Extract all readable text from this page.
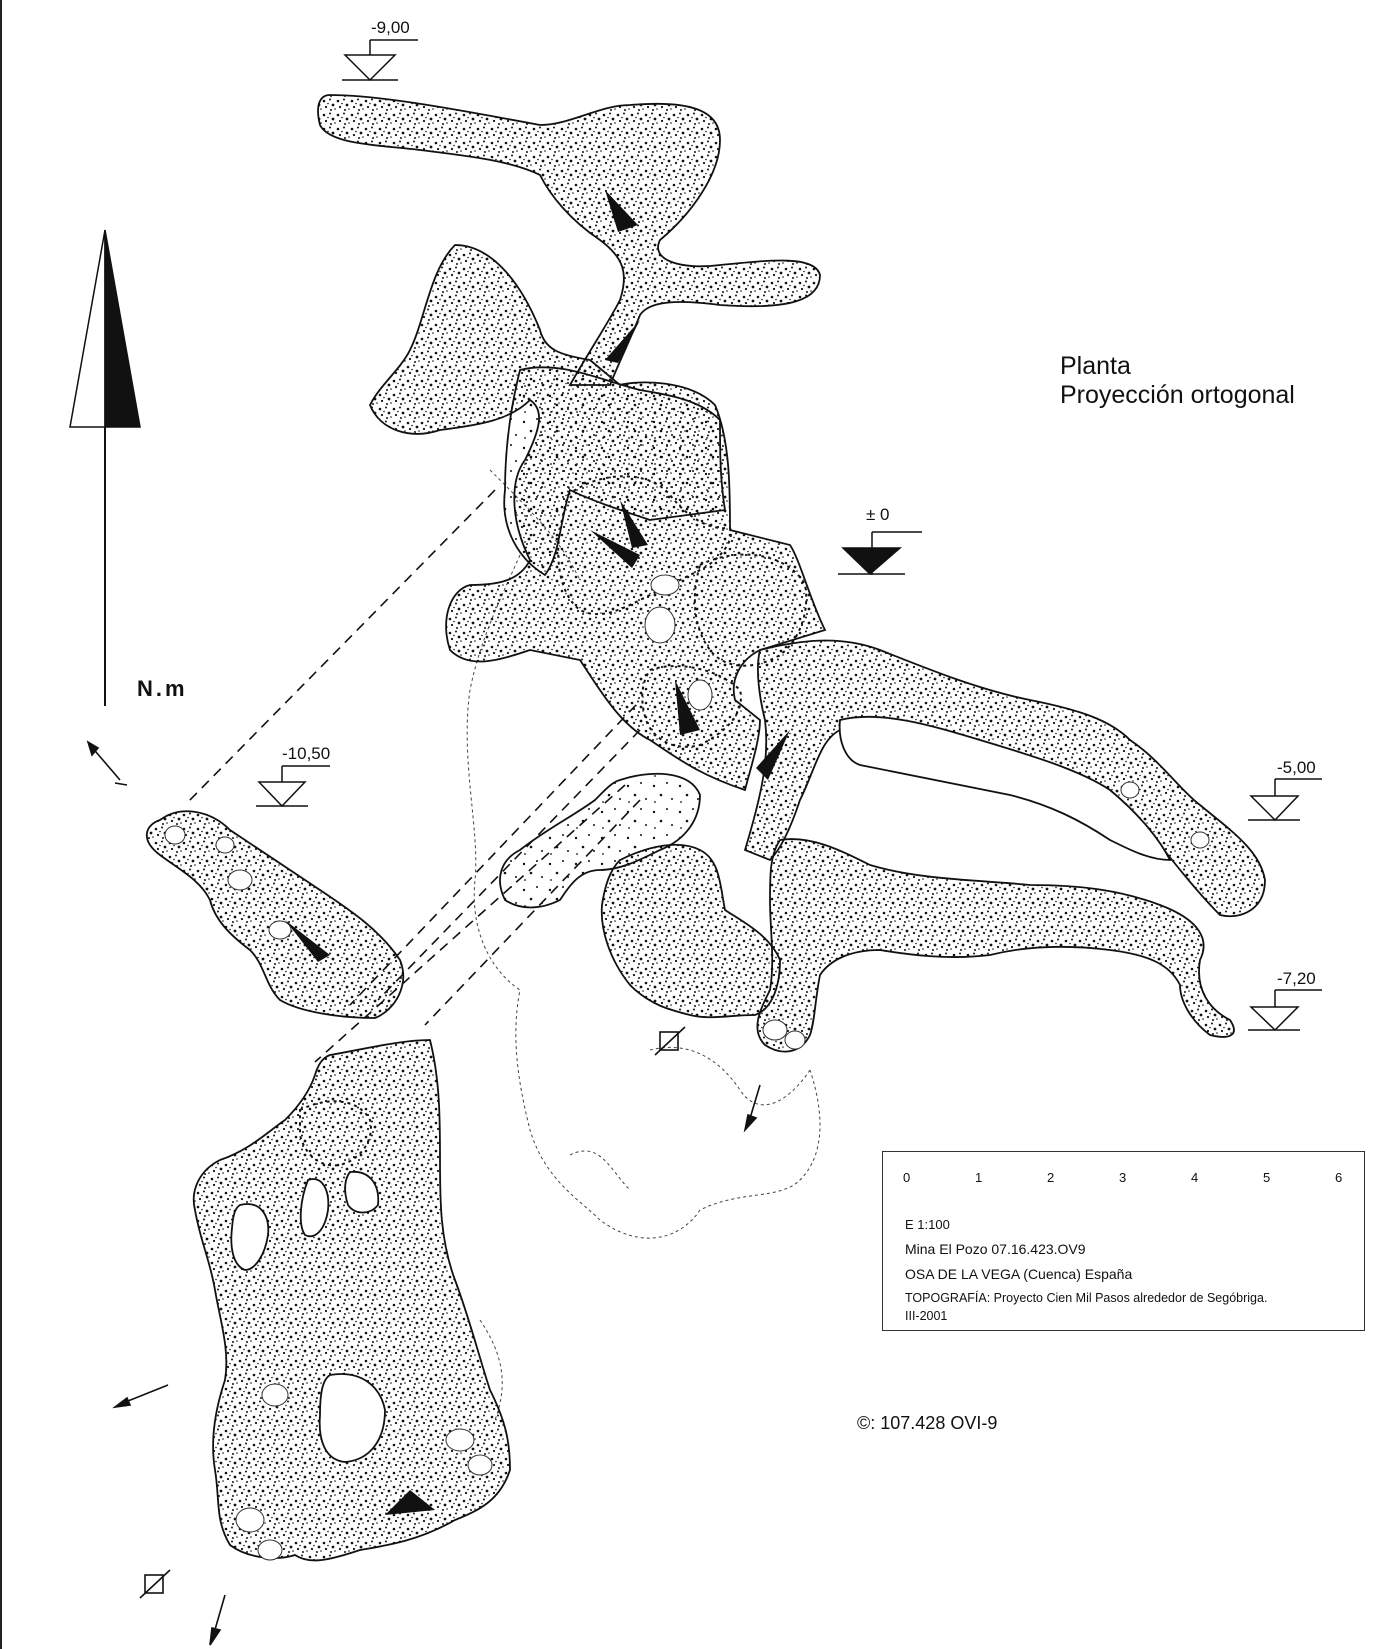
Planta
Proyección ortogonal
N.m
-9,00
± 0
-10,50
-5,00
-7,20
0	1	2	3	4	5	6
E 1:100
Mina El Pozo 07.16.423.OV9
OSA DE LA VEGA (Cuenca) España
TOPOGRAFÍA: Proyecto Cien Mil Pasos alrededor de Segóbriga.
III-2001
©: 107.428 OVI-9
